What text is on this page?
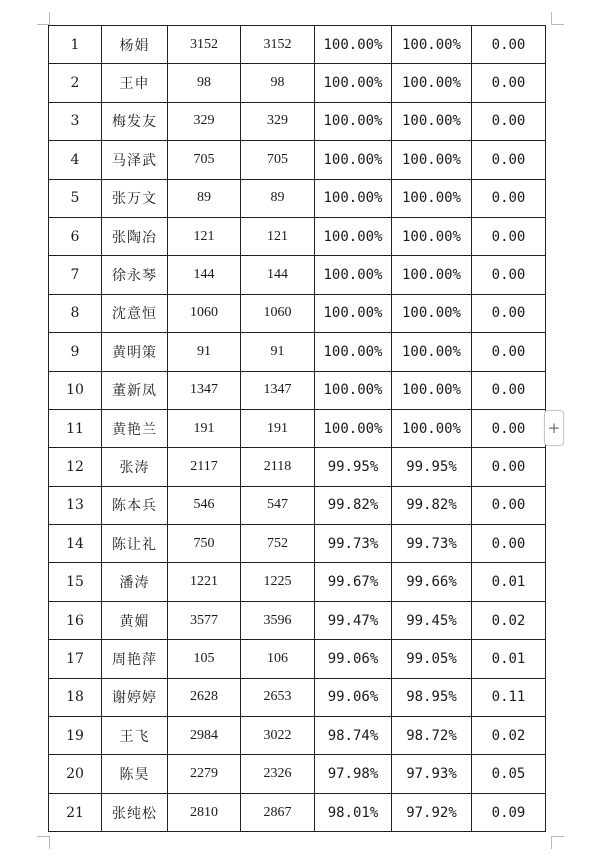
1	杨娟	3152	3152	100.00%	100.00%	0.00
2	王申	98	98	100.00%	100.00%	0.00
3	梅发友	329	329	100.00%	100.00%	0.00
4	马泽武	705	705	100.00%	100.00%	0.00
5	张万文	89	89	100.00%	100.00%	0.00
6	张陶冶	121	121	100.00%	100.00%	0.00
7	徐永琴	144	144	100.00%	100.00%	0.00
8	沈意恒	1060	1060	100.00%	100.00%	0.00
9	黄明策	91	91	100.00%	100.00%	0.00
10	董新凤	1347	1347	100.00%	100.00%	0.00
11	黄艳兰	191	191	100.00%	100.00%	0.00
12	张涛	2117	2118	99.95%	99.95%	0.00
13	陈本兵	546	547	99.82%	99.82%	0.00
14	陈让礼	750	752	99.73%	99.73%	0.00
15	潘涛	1221	1225	99.67%	99.66%	0.01
16	黄媚	3577	3596	99.47%	99.45%	0.02
17	周艳萍	105	106	99.06%	99.05%	0.01
18	谢婷婷	2628	2653	99.06%	98.95%	0.11
19	王飞	2984	3022	98.74%	98.72%	0.02
20	陈昊	2279	2326	97.98%	97.93%	0.05
21	张纯松	2810	2867	98.01%	97.92%	0.09
+
